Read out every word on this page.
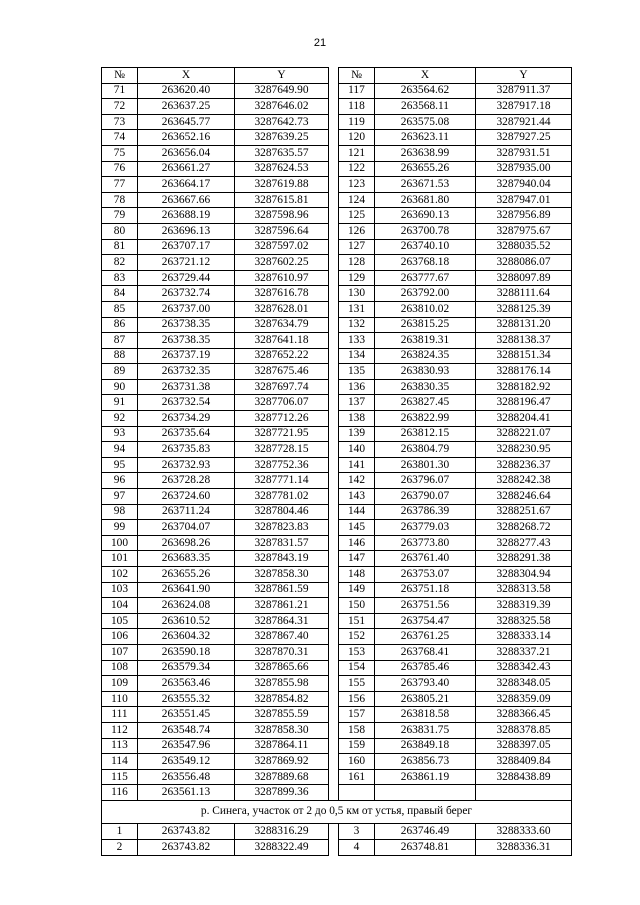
21
№	X	Y		№	X	Y
71	263620.40	3287649.90		117	263564.62	3287911.37
72	263637.25	3287646.02		118	263568.11	3287917.18
73	263645.77	3287642.73		119	263575.08	3287921.44
74	263652.16	3287639.25		120	263623.11	3287927.25
75	263656.04	3287635.57		121	263638.99	3287931.51
76	263661.27	3287624.53		122	263655.26	3287935.00
77	263664.17	3287619.88		123	263671.53	3287940.04
78	263667.66	3287615.81		124	263681.80	3287947.01
79	263688.19	3287598.96		125	263690.13	3287956.89
80	263696.13	3287596.64		126	263700.78	3287975.67
81	263707.17	3287597.02		127	263740.10	3288035.52
82	263721.12	3287602.25		128	263768.18	3288086.07
83	263729.44	3287610.97		129	263777.67	3288097.89
84	263732.74	3287616.78		130	263792.00	3288111.64
85	263737.00	3287628.01		131	263810.02	3288125.39
86	263738.35	3287634.79		132	263815.25	3288131.20
87	263738.35	3287641.18		133	263819.31	3288138.37
88	263737.19	3287652.22		134	263824.35	3288151.34
89	263732.35	3287675.46		135	263830.93	3288176.14
90	263731.38	3287697.74		136	263830.35	3288182.92
91	263732.54	3287706.07		137	263827.45	3288196.47
92	263734.29	3287712.26		138	263822.99	3288204.41
93	263735.64	3287721.95		139	263812.15	3288221.07
94	263735.83	3287728.15		140	263804.79	3288230.95
95	263732.93	3287752.36		141	263801.30	3288236.37
96	263728.28	3287771.14		142	263796.07	3288242.38
97	263724.60	3287781.02		143	263790.07	3288246.64
98	263711.24	3287804.46		144	263786.39	3288251.67
99	263704.07	3287823.83		145	263779.03	3288268.72
100	263698.26	3287831.57		146	263773.80	3288277.43
101	263683.35	3287843.19		147	263761.40	3288291.38
102	263655.26	3287858.30		148	263753.07	3288304.94
103	263641.90	3287861.59		149	263751.18	3288313.58
104	263624.08	3287861.21		150	263751.56	3288319.39
105	263610.52	3287864.31		151	263754.47	3288325.58
106	263604.32	3287867.40		152	263761.25	3288333.14
107	263590.18	3287870.31		153	263768.41	3288337.21
108	263579.34	3287865.66		154	263785.46	3288342.43
109	263563.46	3287855.98		155	263793.40	3288348.05
110	263555.32	3287854.82		156	263805.21	3288359.09
111	263551.45	3287855.59		157	263818.58	3288366.45
112	263548.74	3287858.30		158	263831.75	3288378.85
113	263547.96	3287864.11		159	263849.18	3288397.05
114	263549.12	3287869.92		160	263856.73	3288409.84
115	263556.48	3287889.68		161	263861.19	3288438.89
116	263561.13	3287899.36				
р. Синега, участок от 2 до 0,5 км от устья, правый берег						
1	263743.82	3288316.29		3	263746.49	3288333.60
2	263743.82	3288322.49		4	263748.81	3288336.31
